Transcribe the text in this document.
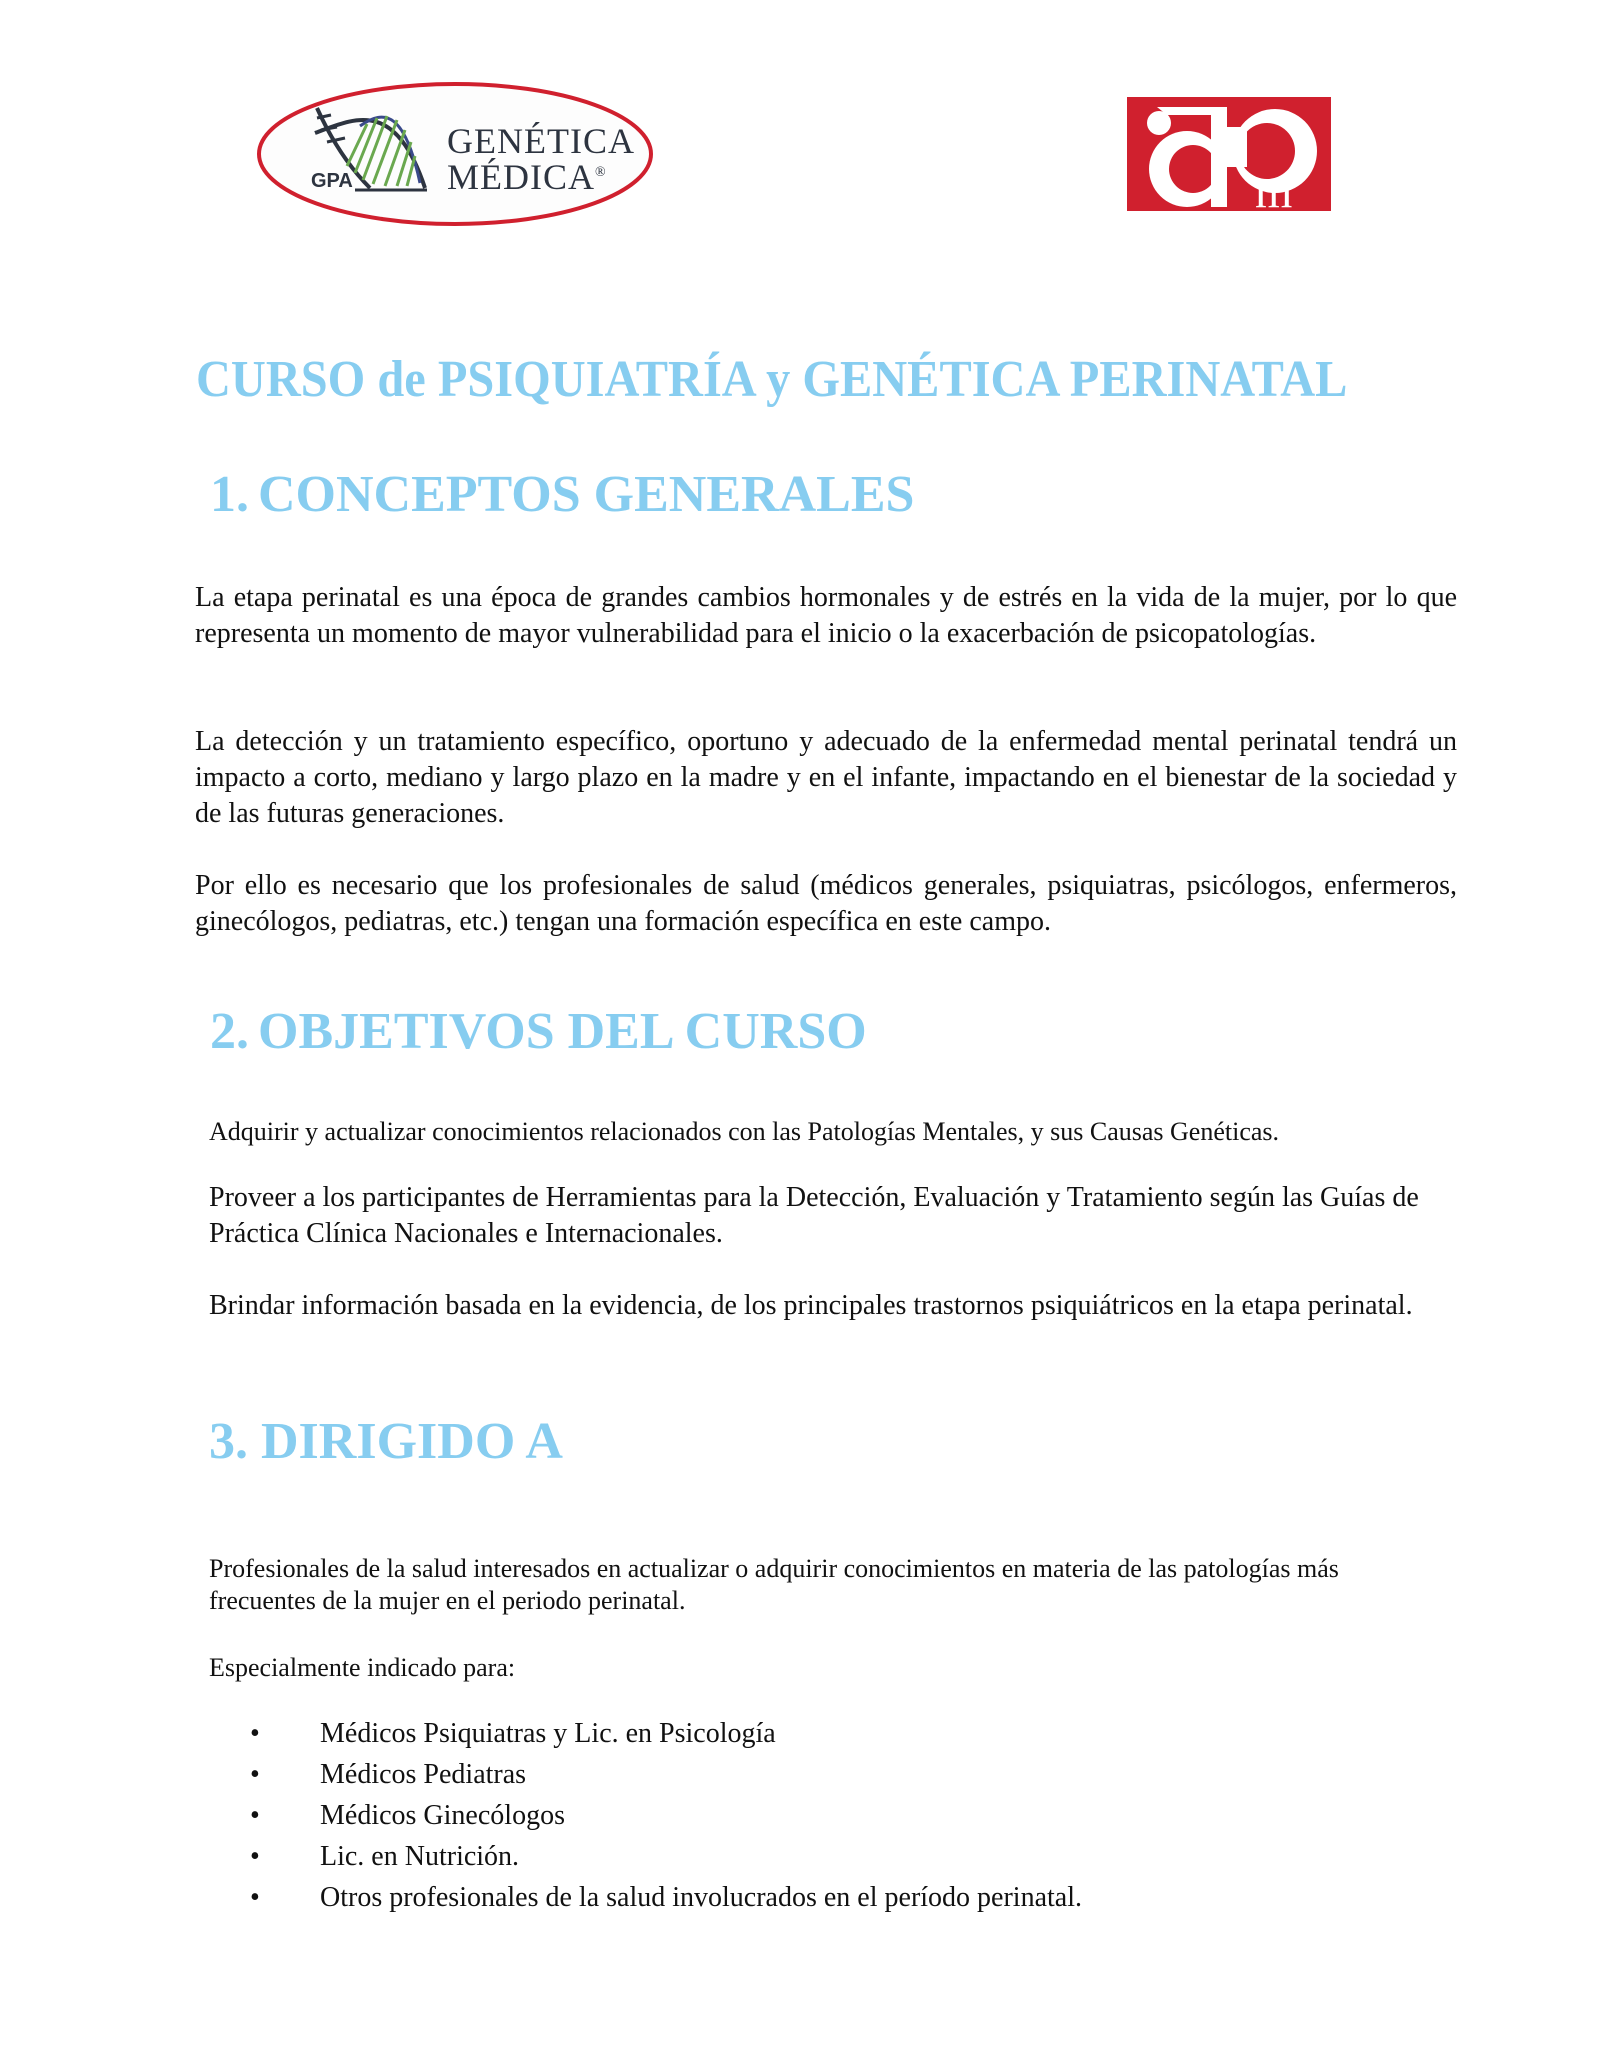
GPA
GENÉTICA
MÉDICA®	m
CURSO de PSIQUIATRÍA y GENÉTICA PERINATAL
1. CONCEPTOS GENERALES

La etapa perinatal es una época de grandes cambios hormonales y de estrés en la vida de la mujer, por lo que representa un momento de mayor vulnerabilidad para el inicio o la exacerbación de psicopatologías.

La detección y un tratamiento específico, oportuno y adecuado de la enfermedad mental perinatal tendrá un impacto a corto, mediano y largo plazo en la madre y en el infante, impactando en el bienestar de la sociedad y de las futuras generaciones.

Por ello es necesario que los profesionales de salud (médicos generales, psiquiatras, psicólogos, enfermeros, ginecólogos, pediatras, etc.) tengan una formación específica en este campo.

2. OBJETIVOS DEL CURSO

Adquirir y actualizar conocimientos relacionados con las Patologías Mentales, y sus Causas Genéticas.

Proveer a los participantes de Herramientas para la Detección, Evaluación y Tratamiento según las Guías de Práctica Clínica Nacionales e Internacionales.

Brindar información basada en la evidencia, de los principales trastornos psiquiátricos en la etapa perinatal.

3. DIRIGIDO A

Profesionales de la salud interesados en actualizar o adquirir conocimientos en materia de las patologías más frecuentes de la mujer en el periodo perinatal.

Especialmente indicado para:

• Médicos Psiquiatras y Lic. en Psicología
• Médicos Pediatras
• Médicos Ginecólogos
• Lic. en Nutrición.
• Otros profesionales de la salud involucrados en el período perinatal.
